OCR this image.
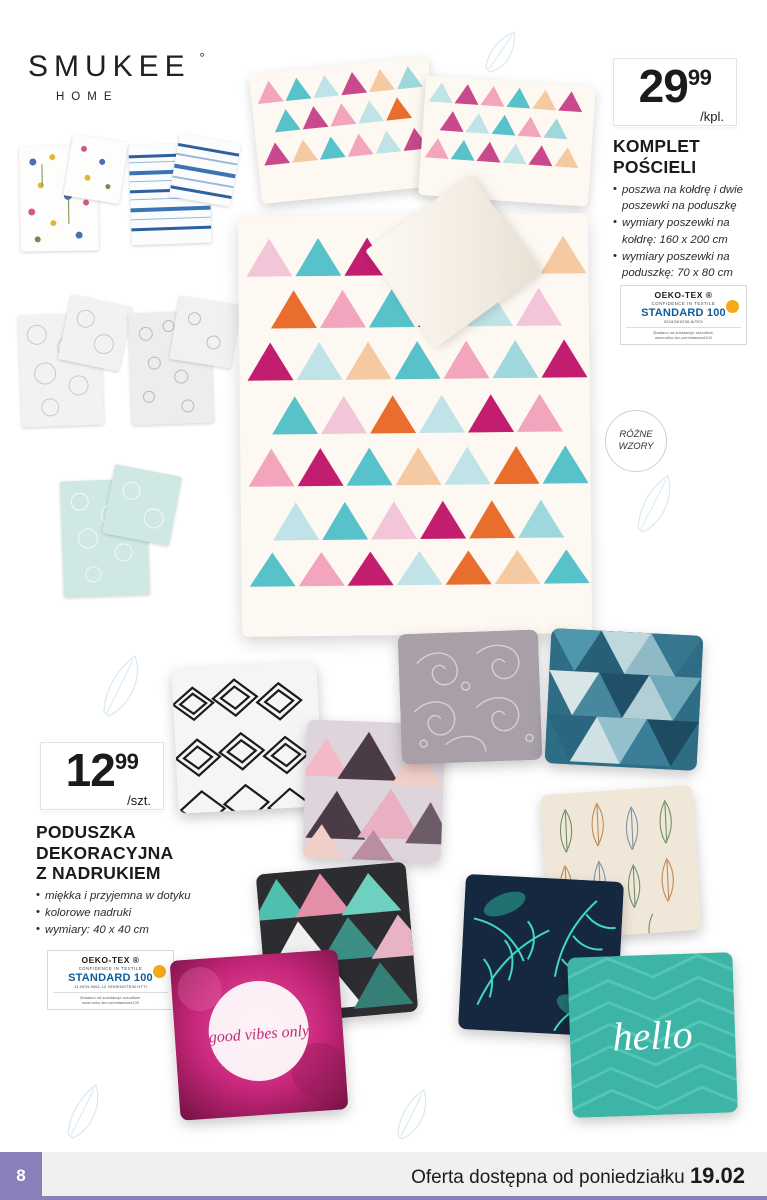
SMUKEE °
HOME	2999
/kpl.
KOMPLET
POŚCIELI
• poszwa na kołdrę i dwie poszewki na poduszkę
• wymiary poszewki na kołdrę: 160 x 200 cm
• wymiary poszewki na poduszkę: 70 x 80 cm
OEKO-TEX ®
CONFIDENCE IN TEXTILE
STANDARD 100
2016OK0239 AITEX
Zbadano na substancje szkodliwe.
www.oeko-tex.com/standard100
RÓŻNE
WZORY
1299
/szt.
PODUSZKA
DEKORACYJNA
Z NADRUKIEM
• miękka i przyjemna w dotyku
• kolorowe nadruki
• wymiary: 40 x 40 cm
OEKO-TEX ®
CONFIDENCE IN TEXTILE
STANDARD 100
11.HCN.9061.12 HOHENSTEIN HTTI
Zbadano na substancje szkodliwe.
www.oeko-tex.com/standard100
good vibes only	hello
8	Oferta dostępna od poniedziałku 19.02
